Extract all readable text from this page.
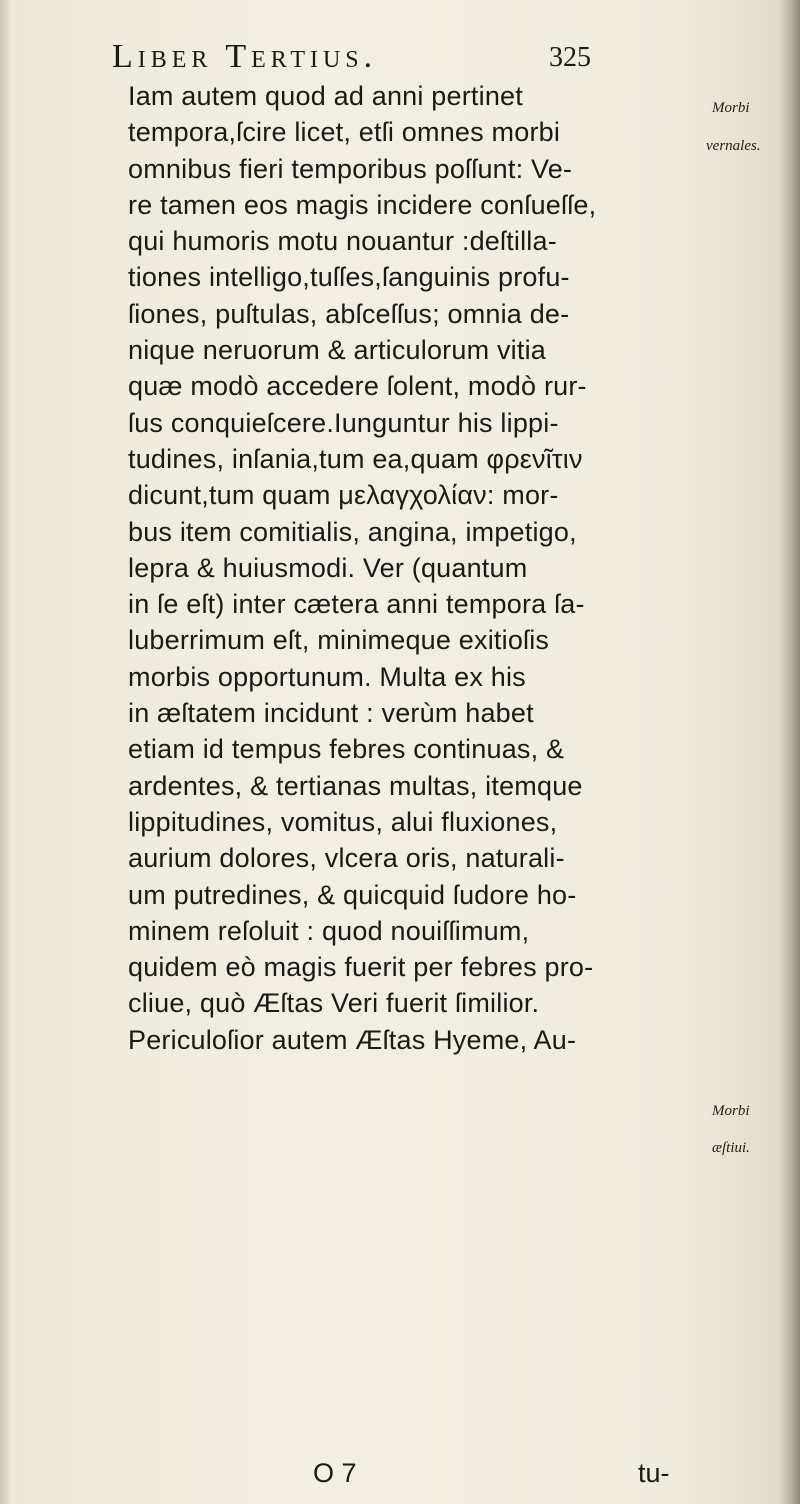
Liber Tertius.	325
Iam autem quod ad anni pertinet
tempora,ſcire licet, etſi omnes morbi
omnibus fieri temporibus poſſunt: Ve-
re tamen eos magis incidere conſueſſe,
qui humoris motu nouantur :deſtilla-
tiones intelligo,tuſſes,ſanguinis profu-
ſiones, puſtulas, abſceſſus; omnia de-
nique neruorum & articulorum vitia
quæ modò accedere ſolent, modò rur-
ſus conquieſcere.Iunguntur his lippi-
tudines, inſania,tum ea,quam φρενῖτιν
dicunt,tum quam μελαγχολίαν: mor-
bus item comitialis, angina, impetigo,
lepra & huiusmodi. Ver (quantum
in ſe eſt) inter cætera anni tempora ſa-
luberrimum eſt, minimeque exitioſis
morbis opportunum. Multa ex his
in æſtatem incidunt : verùm habet
etiam id tempus febres continuas, &
ardentes, & tertianas multas, itemque
lippitudines, vomitus, alui fluxiones,
aurium dolores, vlcera oris, naturali-
um putredines, & quicquid ſudore ho-
minem reſoluit : quod nouiſſimum,
quidem eò magis fuerit per febres pro-
cliue, quò Æſtas Veri fuerit ſimilior.
Periculoſior autem Æſtas Hyeme, Au-
Morbi
vernales.
Morbi
æſtiui.
O 7	tu-
